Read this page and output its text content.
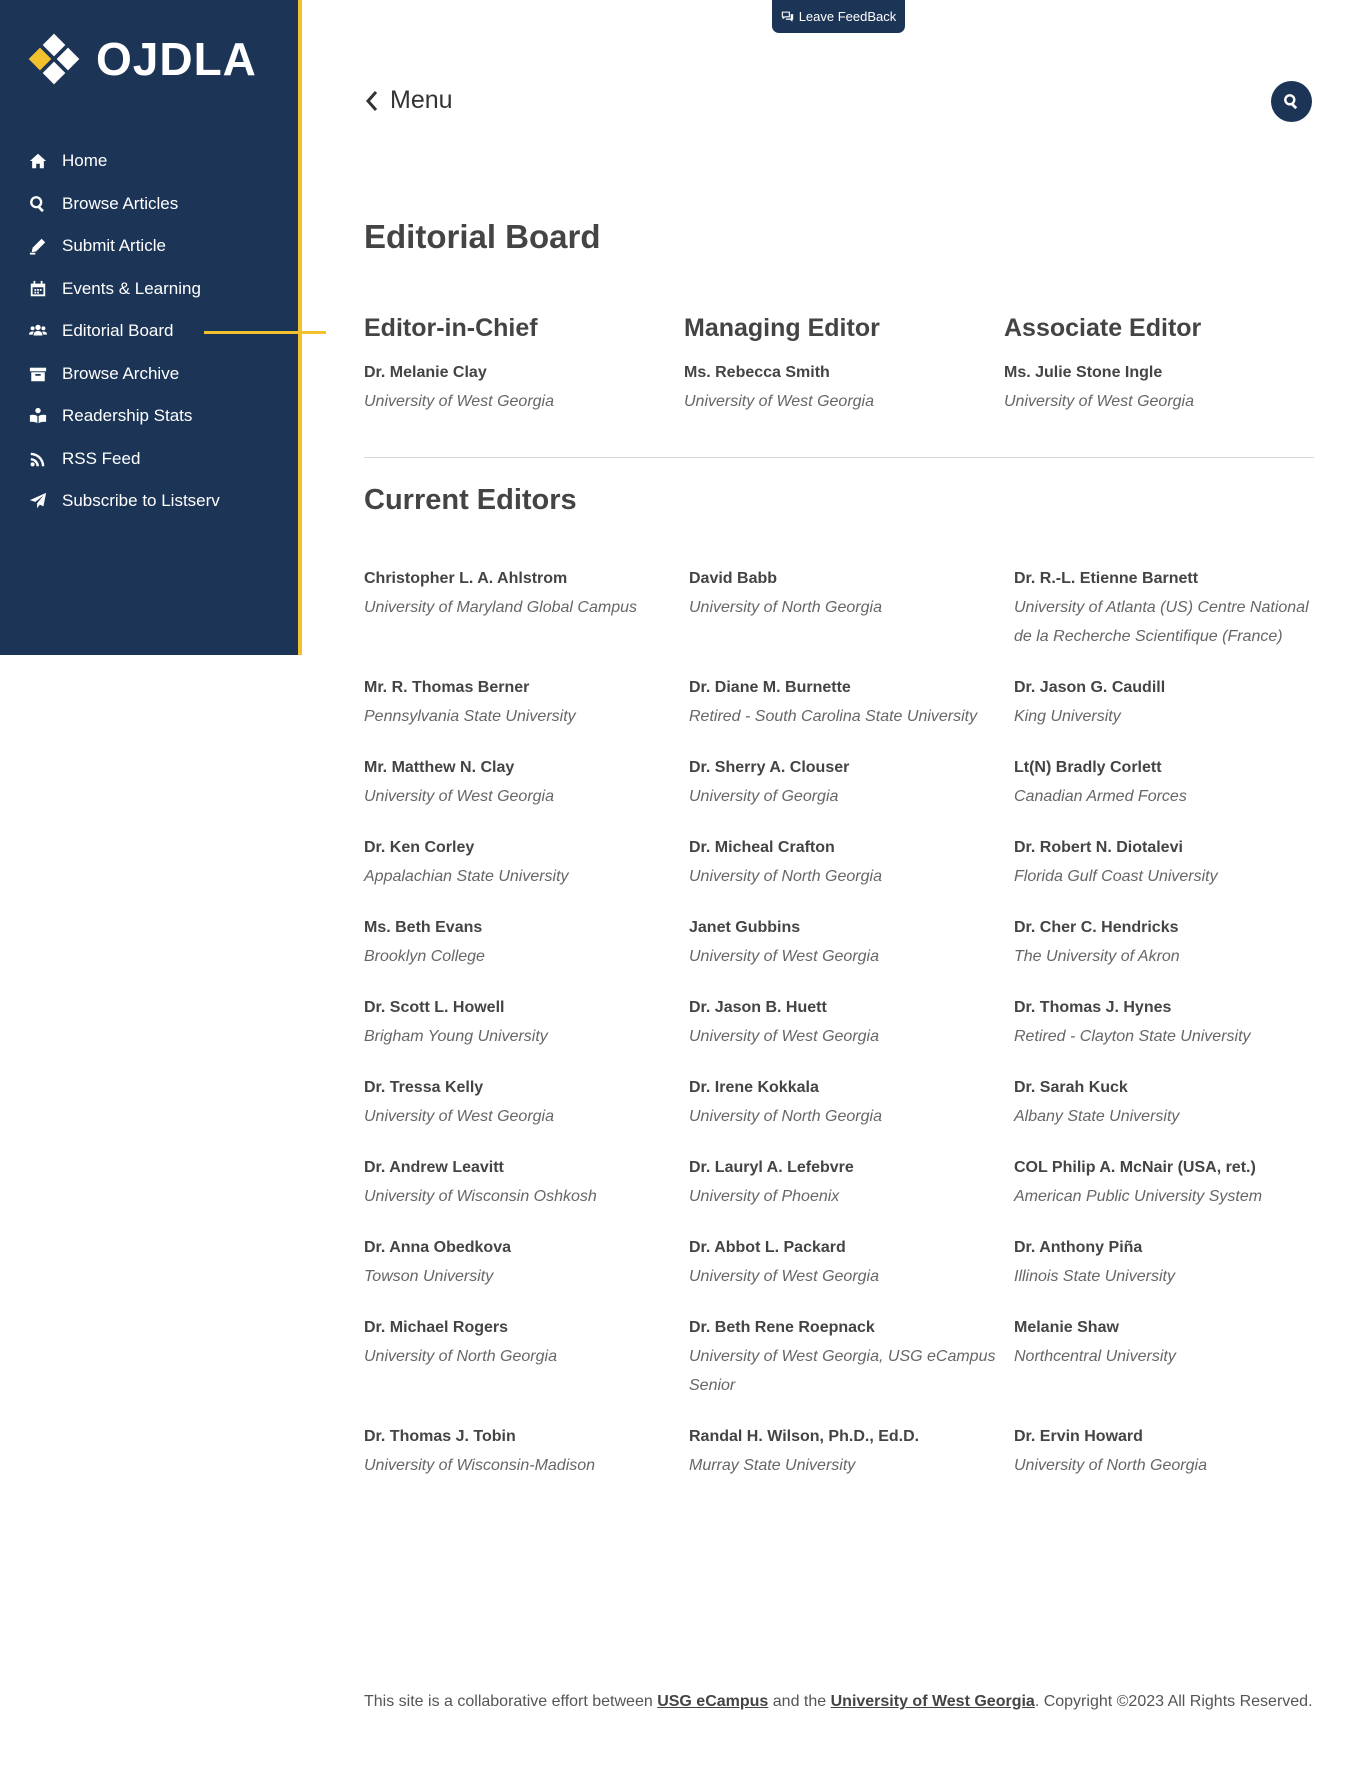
OJDLA
Home
Browse Articles
Submit Article
Events & Learning
Editorial Board
Browse Archive
Readership Stats
RSS Feed
Subscribe to Listserv
Leave FeedBack
Menu
Editorial Board
Editor-in-Chief
Dr. Melanie Clay
University of West Georgia
Managing Editor
Ms. Rebecca Smith
University of West Georgia
Associate Editor
Ms. Julie Stone Ingle
University of West Georgia
Current Editors
Christopher L. A. Ahlstrom
University of Maryland Global Campus
David Babb
University of North Georgia
Dr. R.-L. Etienne Barnett
University of Atlanta (US) Centre National de la Recherche Scientifique (France)
Mr. R. Thomas Berner
Pennsylvania State University
Dr. Diane M. Burnette
Retired - South Carolina State University
Dr. Jason G. Caudill
King University
Mr. Matthew N. Clay
University of West Georgia
Dr. Sherry A. Clouser
University of Georgia
Lt(N) Bradly Corlett
Canadian Armed Forces
Dr. Ken Corley
Appalachian State University
Dr. Micheal Crafton
University of North Georgia
Dr. Robert N. Diotalevi
Florida Gulf Coast University
Ms. Beth Evans
Brooklyn College
Janet Gubbins
University of West Georgia
Dr. Cher C. Hendricks
The University of Akron
Dr. Scott L. Howell
Brigham Young University
Dr. Jason B. Huett
University of West Georgia
Dr. Thomas J. Hynes
Retired - Clayton State University
Dr. Tressa Kelly
University of West Georgia
Dr. Irene Kokkala
University of North Georgia
Dr. Sarah Kuck
Albany State University
Dr. Andrew Leavitt
University of Wisconsin Oshkosh
Dr. Lauryl A. Lefebvre
University of Phoenix
COL Philip A. McNair (USA, ret.)
American Public University System
Dr. Anna Obedkova
Towson University
Dr. Abbot L. Packard
University of West Georgia
Dr. Anthony Piña
Illinois State University
Dr. Michael Rogers
University of North Georgia
Dr. Beth Rene Roepnack
University of West Georgia, USG eCampus Senior
Melanie Shaw
Northcentral University
Dr. Thomas J. Tobin
University of Wisconsin-Madison
Randal H. Wilson, Ph.D., Ed.D.
Murray State University
Dr. Ervin Howard
University of North Georgia

This site is a collaborative effort between USG eCampus and the University of West Georgia. Copyright ©2023 All Rights Reserved.
